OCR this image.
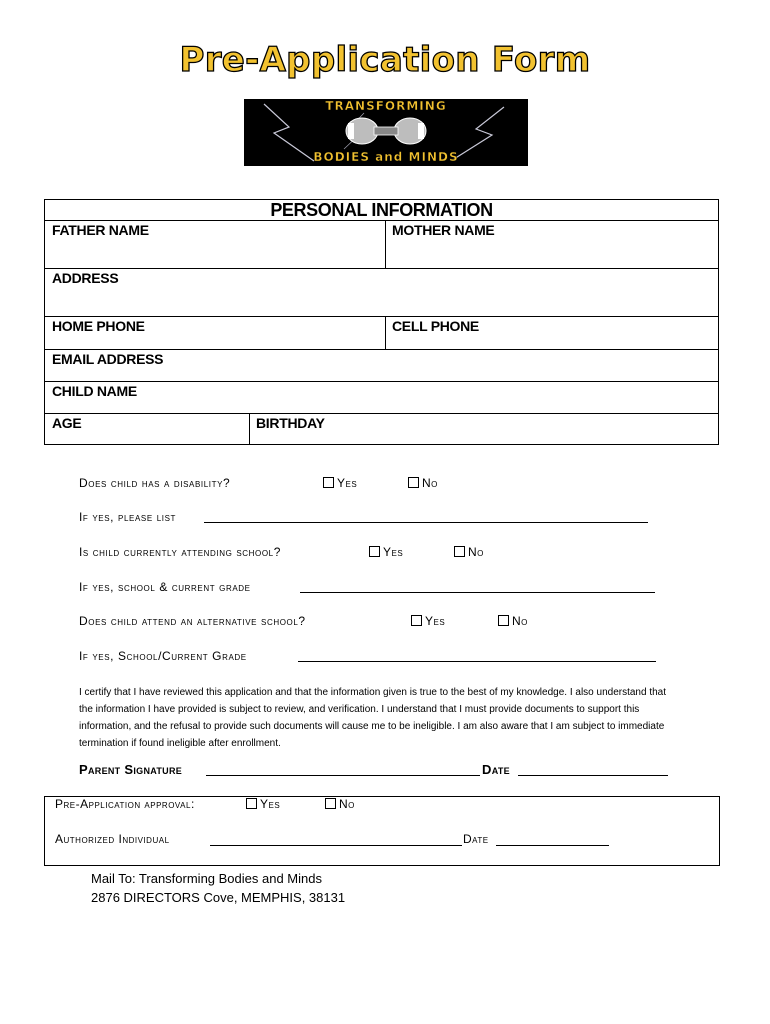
Pre-Application Form
TRANSFORMING
BODIES and MINDS
PERSONAL INFORMATION
FATHER NAME	MOTHER NAME
ADDRESS
HOME PHONE	CELL PHONE
EMAIL ADDRESS
CHILD NAME
AGE	BIRTHDAY
Does child has a disability?	Yes	No
If yes, please list
Is child currently attending school?	Yes	No
If yes, school & current grade
Does child attend an alternative school?	Yes	No
If yes, School/Current Grade
I certify that I have reviewed this application and that the information given is true to the best of my knowledge. I also understand that the information I have provided is subject to review, and verification. I understand that I must provide documents to support this information, and the refusal to provide such documents will cause me to be ineligible. I am also aware that I am subject to immediate termination if found ineligible after enrollment.
Parent Signature	Date
Pre-Application approval:	Yes	No
Authorized Individual	Date
Mail To: Transforming Bodies and Minds
2876 DIRECTORS Cove, MEMPHIS, 38131
